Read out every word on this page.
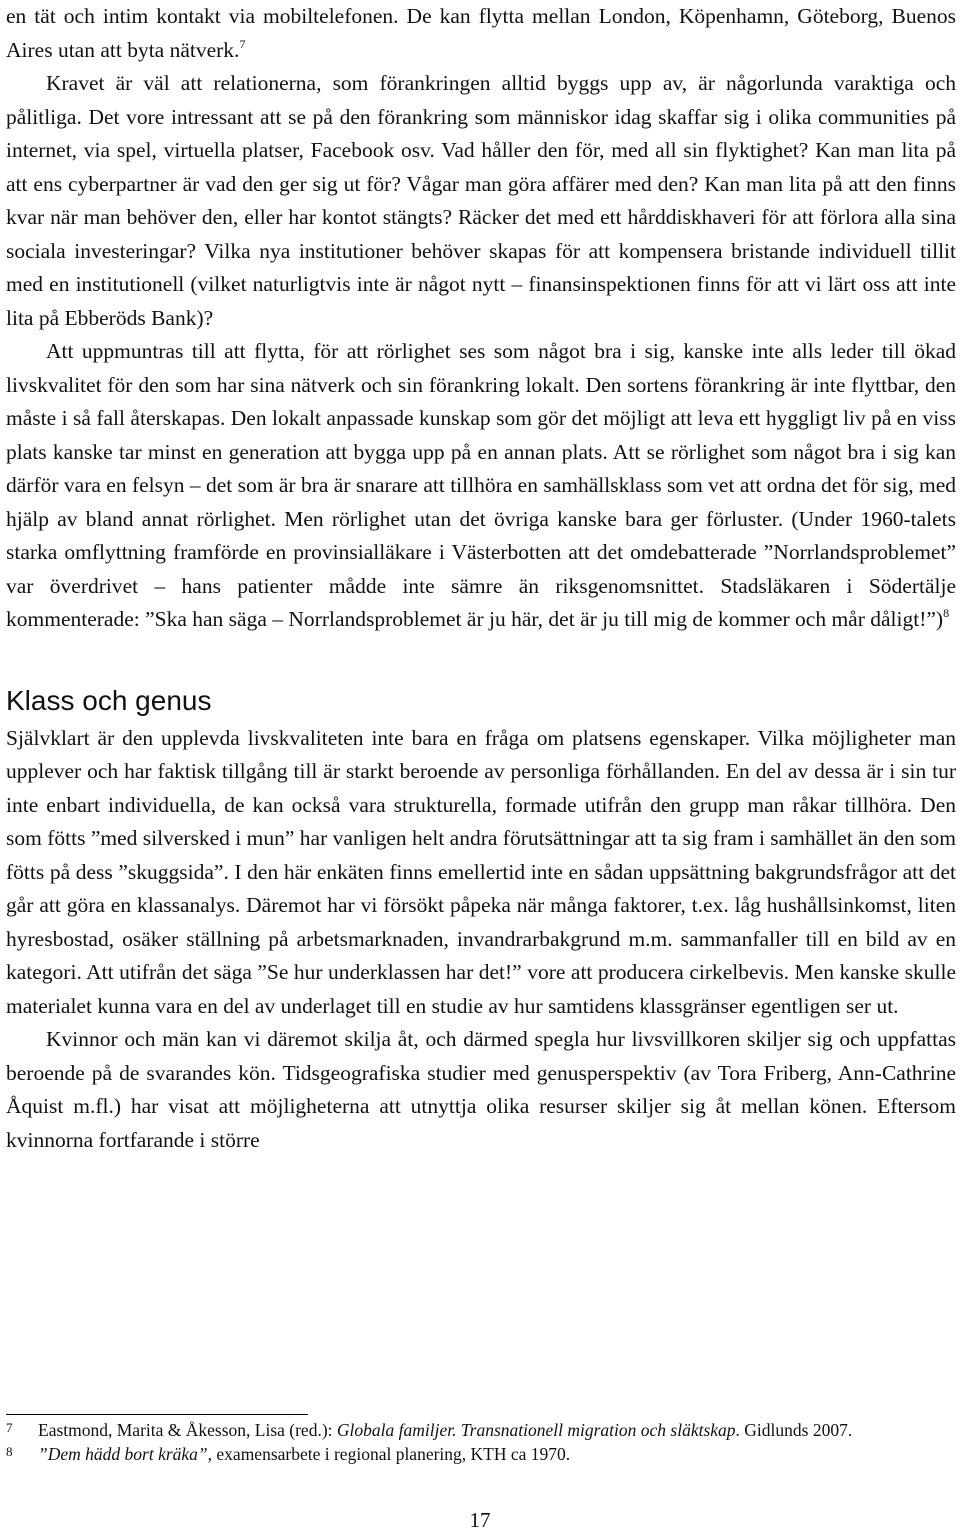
en tät och intim kontakt via mobiltelefonen. De kan flytta mellan London, Köpenhamn, Göteborg, Buenos Aires utan att byta nätverk.$^7$

Kravet är väl att relationerna, som förankringen alltid byggs upp av, är någorlunda varaktiga och pålitliga. Det vore intressant att se på den förankring som människor idag skaffar sig i olika communities på internet, via spel, virtuella platser, Facebook osv. Vad håller den för, med all sin flyktighet? Kan man lita på att ens cyberpartner är vad den ger sig ut för? Vågar man göra affärer med den? Kan man lita på att den finns kvar när man behöver den, eller har kontot stängts? Räcker det med ett hårddiskhaveri för att förlora alla sina sociala investeringar? Vilka nya institutioner behöver skapas för att kompensera bristande individuell tillit med en institutionell (vilket naturligtvis inte är något nytt – finansinspektionen finns för att vi lärt oss att inte lita på Ebberöds Bank)?

Att uppmuntras till att flytta, för att rörlighet ses som något bra i sig, kanske inte alls leder till ökad livskvalitet för den som har sina nätverk och sin förankring lokalt. Den sortens förankring är inte flyttbar, den måste i så fall återskapas. Den lokalt anpassade kunskap som gör det möjligt att leva ett hyggligt liv på en viss plats kanske tar minst en generation att bygga upp på en annan plats. Att se rörlighet som något bra i sig kan därför vara en felsyn – det som är bra är snarare att tillhöra en samhällsklass som vet att ordna det för sig, med hjälp av bland annat rörlighet. Men rörlighet utan det övriga kanske bara ger förluster. (Under 1960-talets starka omflyttning framförde en provinsialläkare i Västerbotten att det omdebatterade ”Norrlandsproblemet” var överdrivet – hans patienter mådde inte sämre än riksgenomsnittet. Stadsläkaren i Södertälje kommenterade: ”Ska han säga – Norrlandsproblemet är ju här, det är ju till mig de kommer och mår dåligt!”)$^8$

Klass och genus

Självklart är den upplevda livskvaliteten inte bara en fråga om platsens egenskaper. Vilka möjligheter man upplever och har faktisk tillgång till är starkt beroende av personliga förhållanden. En del av dessa är i sin tur inte enbart individuella, de kan också vara strukturella, formade utifrån den grupp man råkar tillhöra. Den som fötts ”med silversked i mun” har vanligen helt andra förutsättningar att ta sig fram i samhället än den som fötts på dess ”skuggsida”. I den här enkäten finns emellertid inte en sådan uppsättning bakgrundsfrågor att det går att göra en klassanalys. Däremot har vi försökt påpeka när många faktorer, t.ex. låg hushållsinkomst, liten hyresbostad, osäker ställning på arbetsmarknaden, invandrarbakgrund m.m. sammanfaller till en bild av en kategori. Att utifrån det säga ”Se hur underklassen har det!” vore att producera cirkelbevis. Men kanske skulle materialet kunna vara en del av underlaget till en studie av hur samtidens klassgränser egentligen ser ut.

Kvinnor och män kan vi däremot skilja åt, och därmed spegla hur livsvillkoren skiljer sig och uppfattas beroende på de svarandes kön. Tidsgeografiska studier med genusperspektiv (av Tora Friberg, Ann-Cathrine Åquist m.fl.) har visat att möjligheterna att utnyttja olika resurser skiljer sig åt mellan könen. Eftersom kvinnorna fortfarande i större

7 Eastmond, Marita & Åkesson, Lisa (red.): Globala familjer. Transnationell migration och släktskap. Gidlunds 2007.
8 ”Dem hädd bort kräka”, examensarbete i regional planering, KTH ca 1970.
17
